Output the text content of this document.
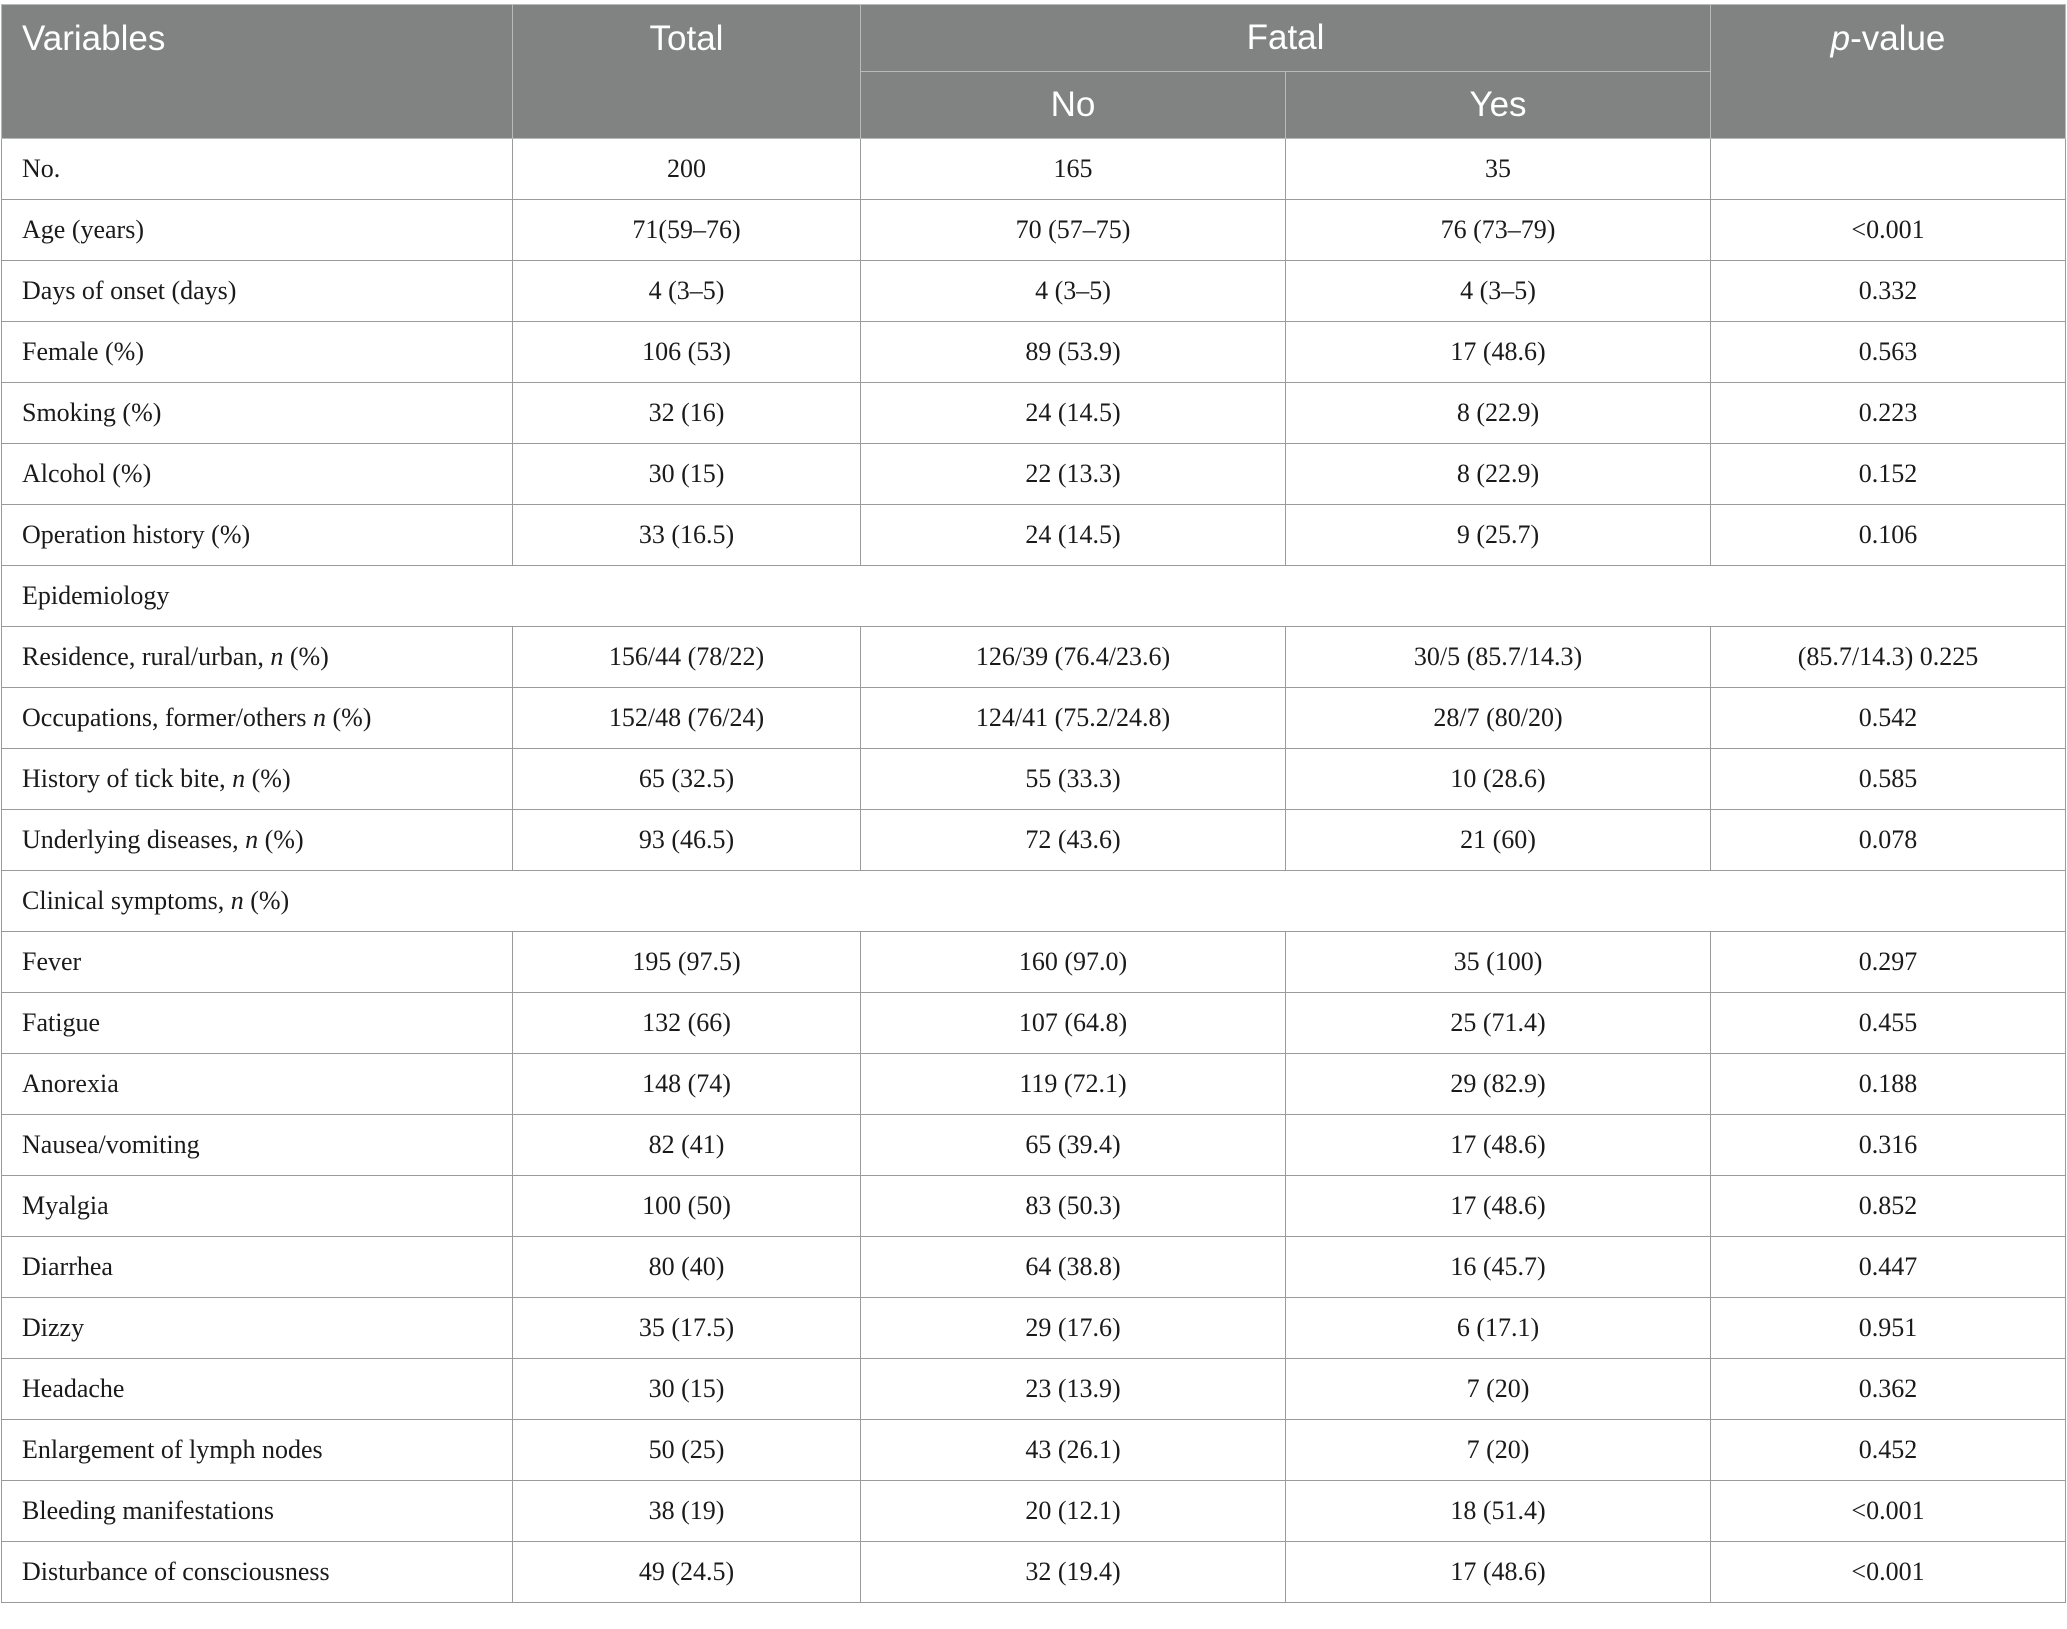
Variables	Total	Fatal		p-value
		No	Yes	
No.	200	165	35	
Age (years)	71(59–76)	70 (57–75)	76 (73–79)	<0.001
Days of onset (days)	4 (3–5)	4 (3–5)	4 (3–5)	0.332
Female (%)	106 (53)	89 (53.9)	17 (48.6)	0.563
Smoking (%)	32 (16)	24 (14.5)	8 (22.9)	0.223
Alcohol (%)	30 (15)	22 (13.3)	8 (22.9)	0.152
Operation history (%)	33 (16.5)	24 (14.5)	9 (25.7)	0.106
Epidemiology				
Residence, rural/urban, n (%)	156/44 (78/22)	126/39 (76.4/23.6)	30/5 (85.7/14.3)	(85.7/14.3) 0.225
Occupations, former/others n (%)	152/48 (76/24)	124/41 (75.2/24.8)	28/7 (80/20)	0.542
History of tick bite, n (%)	65 (32.5)	55 (33.3)	10 (28.6)	0.585
Underlying diseases, n (%)	93 (46.5)	72 (43.6)	21 (60)	0.078
Clinical symptoms, n (%)				
Fever	195 (97.5)	160 (97.0)	35 (100)	0.297
Fatigue	132 (66)	107 (64.8)	25 (71.4)	0.455
Anorexia	148 (74)	119 (72.1)	29 (82.9)	0.188
Nausea/vomiting	82 (41)	65 (39.4)	17 (48.6)	0.316
Myalgia	100 (50)	83 (50.3)	17 (48.6)	0.852
Diarrhea	80 (40)	64 (38.8)	16 (45.7)	0.447
Dizzy	35 (17.5)	29 (17.6)	6 (17.1)	0.951
Headache	30 (15)	23 (13.9)	7 (20)	0.362
Enlargement of lymph nodes	50 (25)	43 (26.1)	7 (20)	0.452
Bleeding manifestations	38 (19)	20 (12.1)	18 (51.4)	<0.001
Disturbance of consciousness	49 (24.5)	32 (19.4)	17 (48.6)	<0.001
